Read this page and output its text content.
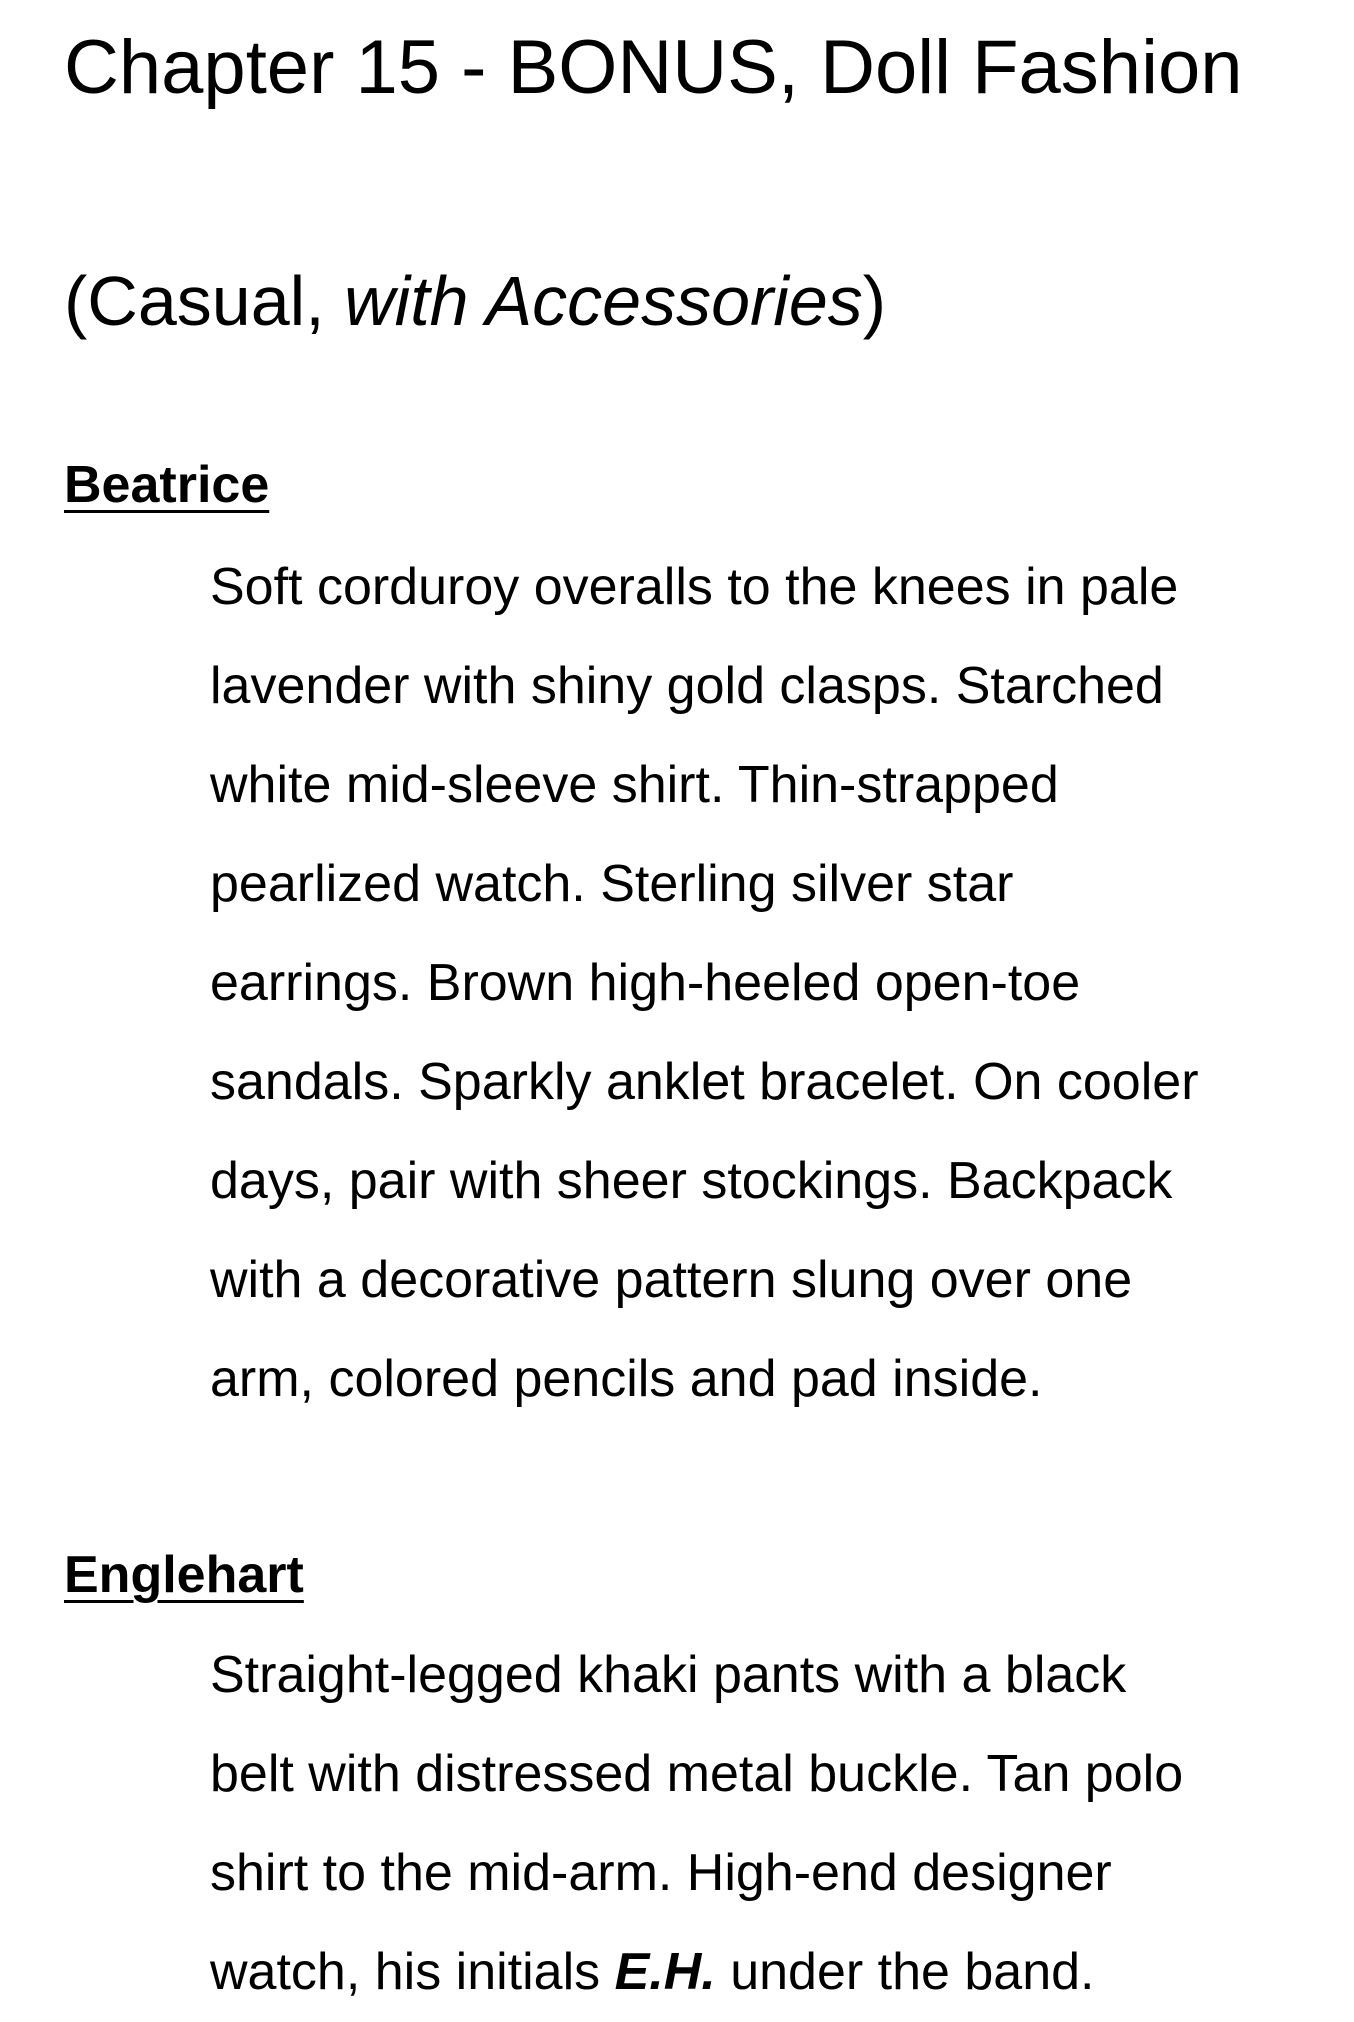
Chapter 15 - BONUS, Doll Fashion

(Casual, with Accessories)

Beatrice

Soft corduroy overalls to the knees in pale
lavender with shiny gold clasps. Starched
white mid-sleeve shirt. Thin-strapped
pearlized watch. Sterling silver star
earrings. Brown high-heeled open-toe
sandals. Sparkly anklet bracelet. On cooler
days, pair with sheer stockings. Backpack
with a decorative pattern slung over one
arm, colored pencils and pad inside.

Englehart

Straight-legged khaki pants with a black
belt with distressed metal buckle. Tan polo
shirt to the mid-arm. High-end designer
watch, his initials E.H. under the band.
